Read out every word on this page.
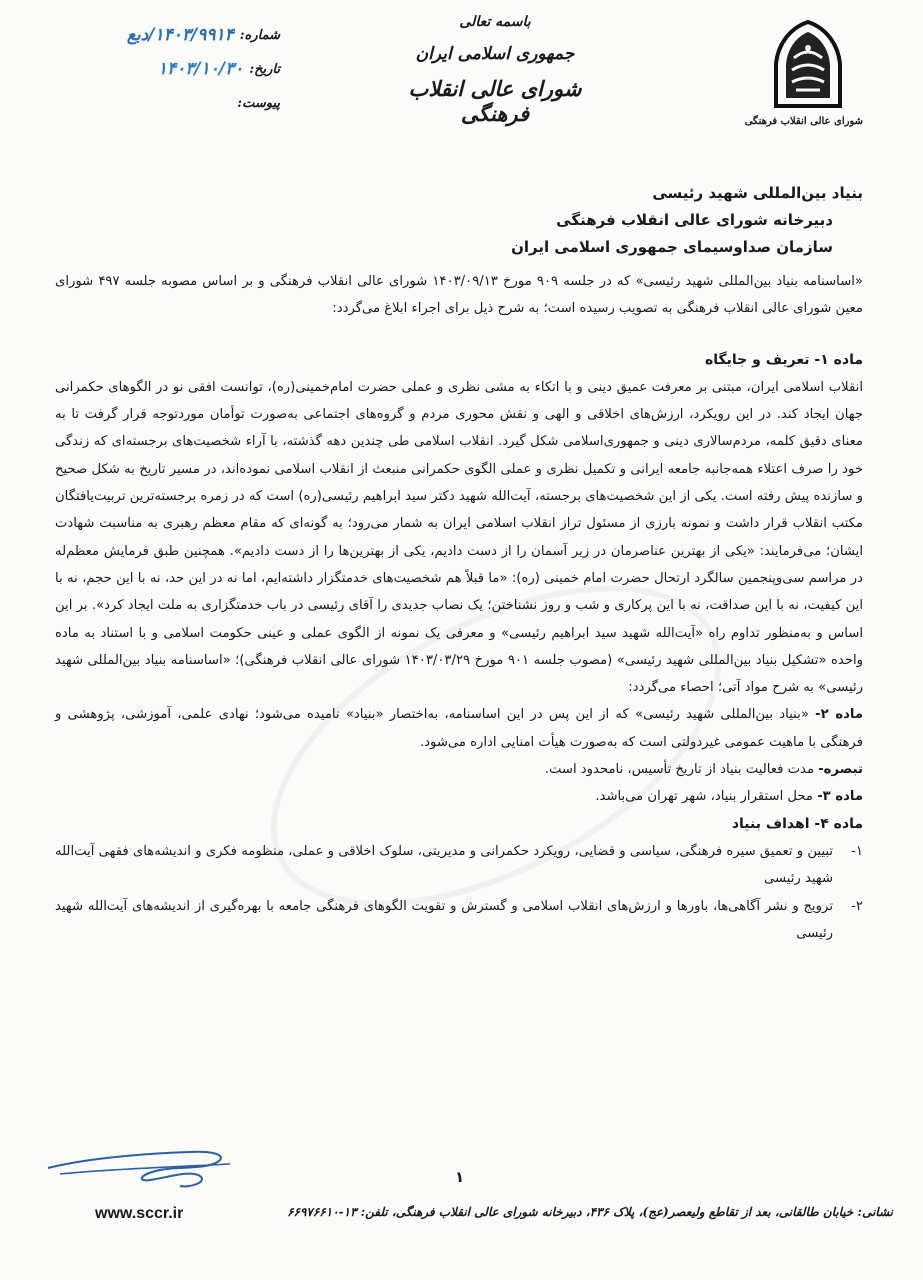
شورای عالی انقلاب فرهنگی
باسمه تعالی
جمهوری اسلامی ایران
شورای عالی انقلاب فرهنگی
شماره:
۱۴۰۳/۹۹۱۴/دبع
تاریخ:
۱۴۰۳/۱۰/۳۰
پیوست:
بنیاد بین‌المللی شهید رئیسی
دبیرخانه شورای عالی انقلاب فرهنگی
سازمان صداوسیمای جمهوری اسلامی ایران

«اساسنامه بنیاد بین‌المللی شهید رئیسی» که در جلسه ۹۰۹ مورخ ۱۴۰۳/۰۹/۱۳ شورای عالی انقلاب فرهنگی و بر اساس مصوبه جلسه ۴۹۷ شورای معین شورای عالی انقلاب فرهنگی به تصویب رسیده است؛ به شرح ذیل برای اجراء ابلاغ می‌گردد:

ماده ۱- تعریف و جایگاه

انقلاب اسلامی ایران، مبتنی بر معرفت عمیق دینی و با اتکاء به مشی نظری و عملی حضرت امام‌خمینی(ره)، توانست افقی نو در الگوهای حکمرانی جهان ایجاد کند. در این رویکرد، ارزش‌های اخلاقی و الهی و نقش محوری مردم و گروه‌های اجتماعی به‌صورت توأمان موردتوجه قرار گرفت تا به معنای دقیق کلمه، مردم‌سالاری دینی و جمهوری‌اسلامی شکل گیرد. انقلاب اسلامی طی چندین دهه گذشته، با آراء شخصیت‌های برجسته‌ای که زندگی خود را صرف اعتلاء همه‌جانبه جامعه ایرانی و تکمیل نظری و عملی الگوی حکمرانی منبعث از انقلاب اسلامی نموده‌اند، در مسیر تاریخ به شکل صحیح و سازنده پیش رفته است. یکی از این شخصیت‌های برجسته، آیت‌الله شهید دکتر سید ابراهیم رئیسی(ره) است که در زمره برجسته‌ترین تربیت‌یافتگان مکتب انقلاب قرار داشت و نمونه بارزی از مسئول تراز انقلاب اسلامی ایران به شمار می‌رود؛ به گونه‌ای که مقام معظم رهبری به مناسبت شهادت ایشان؛ می‌فرمایند: «یکی از بهترین عناصرمان در زیر آسمان را از دست دادیم، یکی از بهترین‌ها را از دست دادیم». همچنین طبق فرمایش معظم‌له در مراسم سی‌وپنجمین سالگرد ارتحال حضرت امام خمینی (ره): «ما قبلاً هم شخصیت‌های خدمتگزار داشته‌ایم، اما نه در این حد، نه با این حجم، نه با این کیفیت، نه با این صداقت، نه با این پرکاری و شب و روز نشناختن؛ یک نصاب جدیدی را آقای رئیسی در باب خدمتگزاری به ملت ایجاد کرد». بر این اساس و به‌منظور تداوم راه «آیت‌الله شهید سید ابراهیم رئیسی» و معرفی یک نمونه از الگوی عملی و عینی حکومت اسلامی و با استناد به ماده واحده «تشکیل بنیاد بین‌المللی شهید رئیسی» (مصوب جلسه ۹۰۱ مورخ ۱۴۰۳/۰۳/۲۹ شورای عالی انقلاب فرهنگی)؛ «اساسنامه بنیاد بین‌المللی شهید رئیسی» به شرح مواد آتی؛ احصاء می‌گردد:

ماده ۲- «بنیاد بین‌المللی شهید رئیسی» که از این پس در این اساسنامه، به‌اختصار «بنیاد» نامیده می‌شود؛ نهادی علمی، آموزشی، پژوهشی و فرهنگی با ماهیت عمومی غیردولتی است که به‌صورت هیأت امنایی اداره می‌شود.

تبصره- مدت فعالیت بنیاد از تاریخ تأسیس، نامحدود است.

ماده ۳- محل استقرار بنیاد، شهر تهران می‌باشد.

ماده ۴- اهداف بنیاد

۱-
تبیین و تعمیق سیره فرهنگی، سیاسی و قضایی، رویکرد حکمرانی و مدیریتی، سلوک اخلاقی و عملی، منظومه فکری و اندیشه‌های فقهی آیت‌الله شهید رئیسی
۲-
ترویج و نشر آگاهی‌ها، باورها و ارزش‌های انقلاب اسلامی و گسترش و تقویت الگوهای فرهنگی جامعه با بهره‌گیری از اندیشه‌های آیت‌الله شهید رئیسی
۱
www.sccr.ir	نشانی: خیابان طالقانی، بعد از تقاطع ولیعصر(عج)، پلاک ۴۳۶، دبیرخانه شورای عالی انقلاب فرهنگی، تلفن: ۱۳-۶۶۹۷۶۶۱۰
